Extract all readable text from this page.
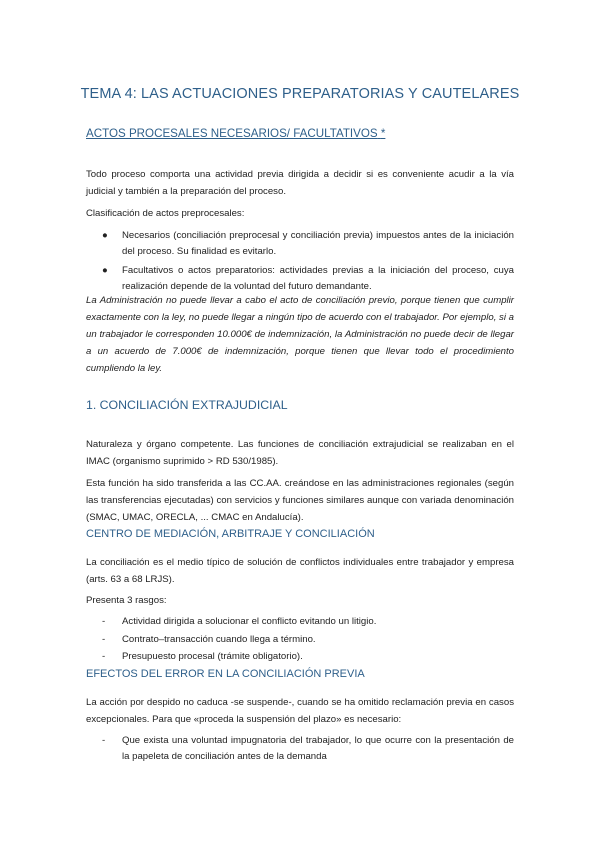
TEMA 4: LAS ACTUACIONES PREPARATORIAS Y CAUTELARES
ACTOS PROCESALES NECESARIOS/ FACULTATIVOS *

Todo proceso comporta una actividad previa dirigida a decidir si es conveniente acudir a la vía judicial y también a la preparación del proceso.

Clasificación de actos preprocesales:

● Necesarios (conciliación preprocesal y conciliación previa) impuestos antes de la iniciación del proceso. Su finalidad es evitarlo.
● Facultativos o actos preparatorios: actividades previas a la iniciación del proceso, cuya realización depende de la voluntad del futuro demandante.

La Administración no puede llevar a cabo el acto de conciliación previo, porque tienen que cumplir exactamente con la ley, no puede llegar a ningún tipo de acuerdo con el trabajador. Por ejemplo, si a un trabajador le corresponden 10.000€ de indemnización, la Administración no puede decir de llegar a un acuerdo de 7.000€ de indemnización, porque tienen que llevar todo el procedimiento cumpliendo la ley.

1. CONCILIACIÓN EXTRAJUDICIAL

Naturaleza y órgano competente. Las funciones de conciliación extrajudicial se realizaban en el IMAC (organismo suprimido > RD 530/1985).

Esta función ha sido transferida a las CC.AA. creándose en las administraciones regionales (según las transferencias ejecutadas) con servicios y funciones similares aunque con variada denominación (SMAC, UMAC, ORECLA, ... CMAC en Andalucía).

CENTRO DE MEDIACIÓN, ARBITRAJE Y CONCILIACIÓN

La conciliación es el medio típico de solución de conflictos individuales entre trabajador y empresa (arts. 63 a 68 LRJS).

Presenta 3 rasgos:

- Actividad dirigida a solucionar el conflicto evitando un litigio.
- Contrato–transacción cuando llega a término.
- Presupuesto procesal (trámite obligatorio).
EFECTOS DEL ERROR EN LA CONCILIACIÓN PREVIA

La acción por despido no caduca -se suspende-, cuando se ha omitido reclamación previa en casos excepcionales. Para que «proceda la suspensión del plazo» es necesario:

- Que exista una voluntad impugnatoria del trabajador, lo que ocurre con la presentación de la papeleta de conciliación antes de la demanda
